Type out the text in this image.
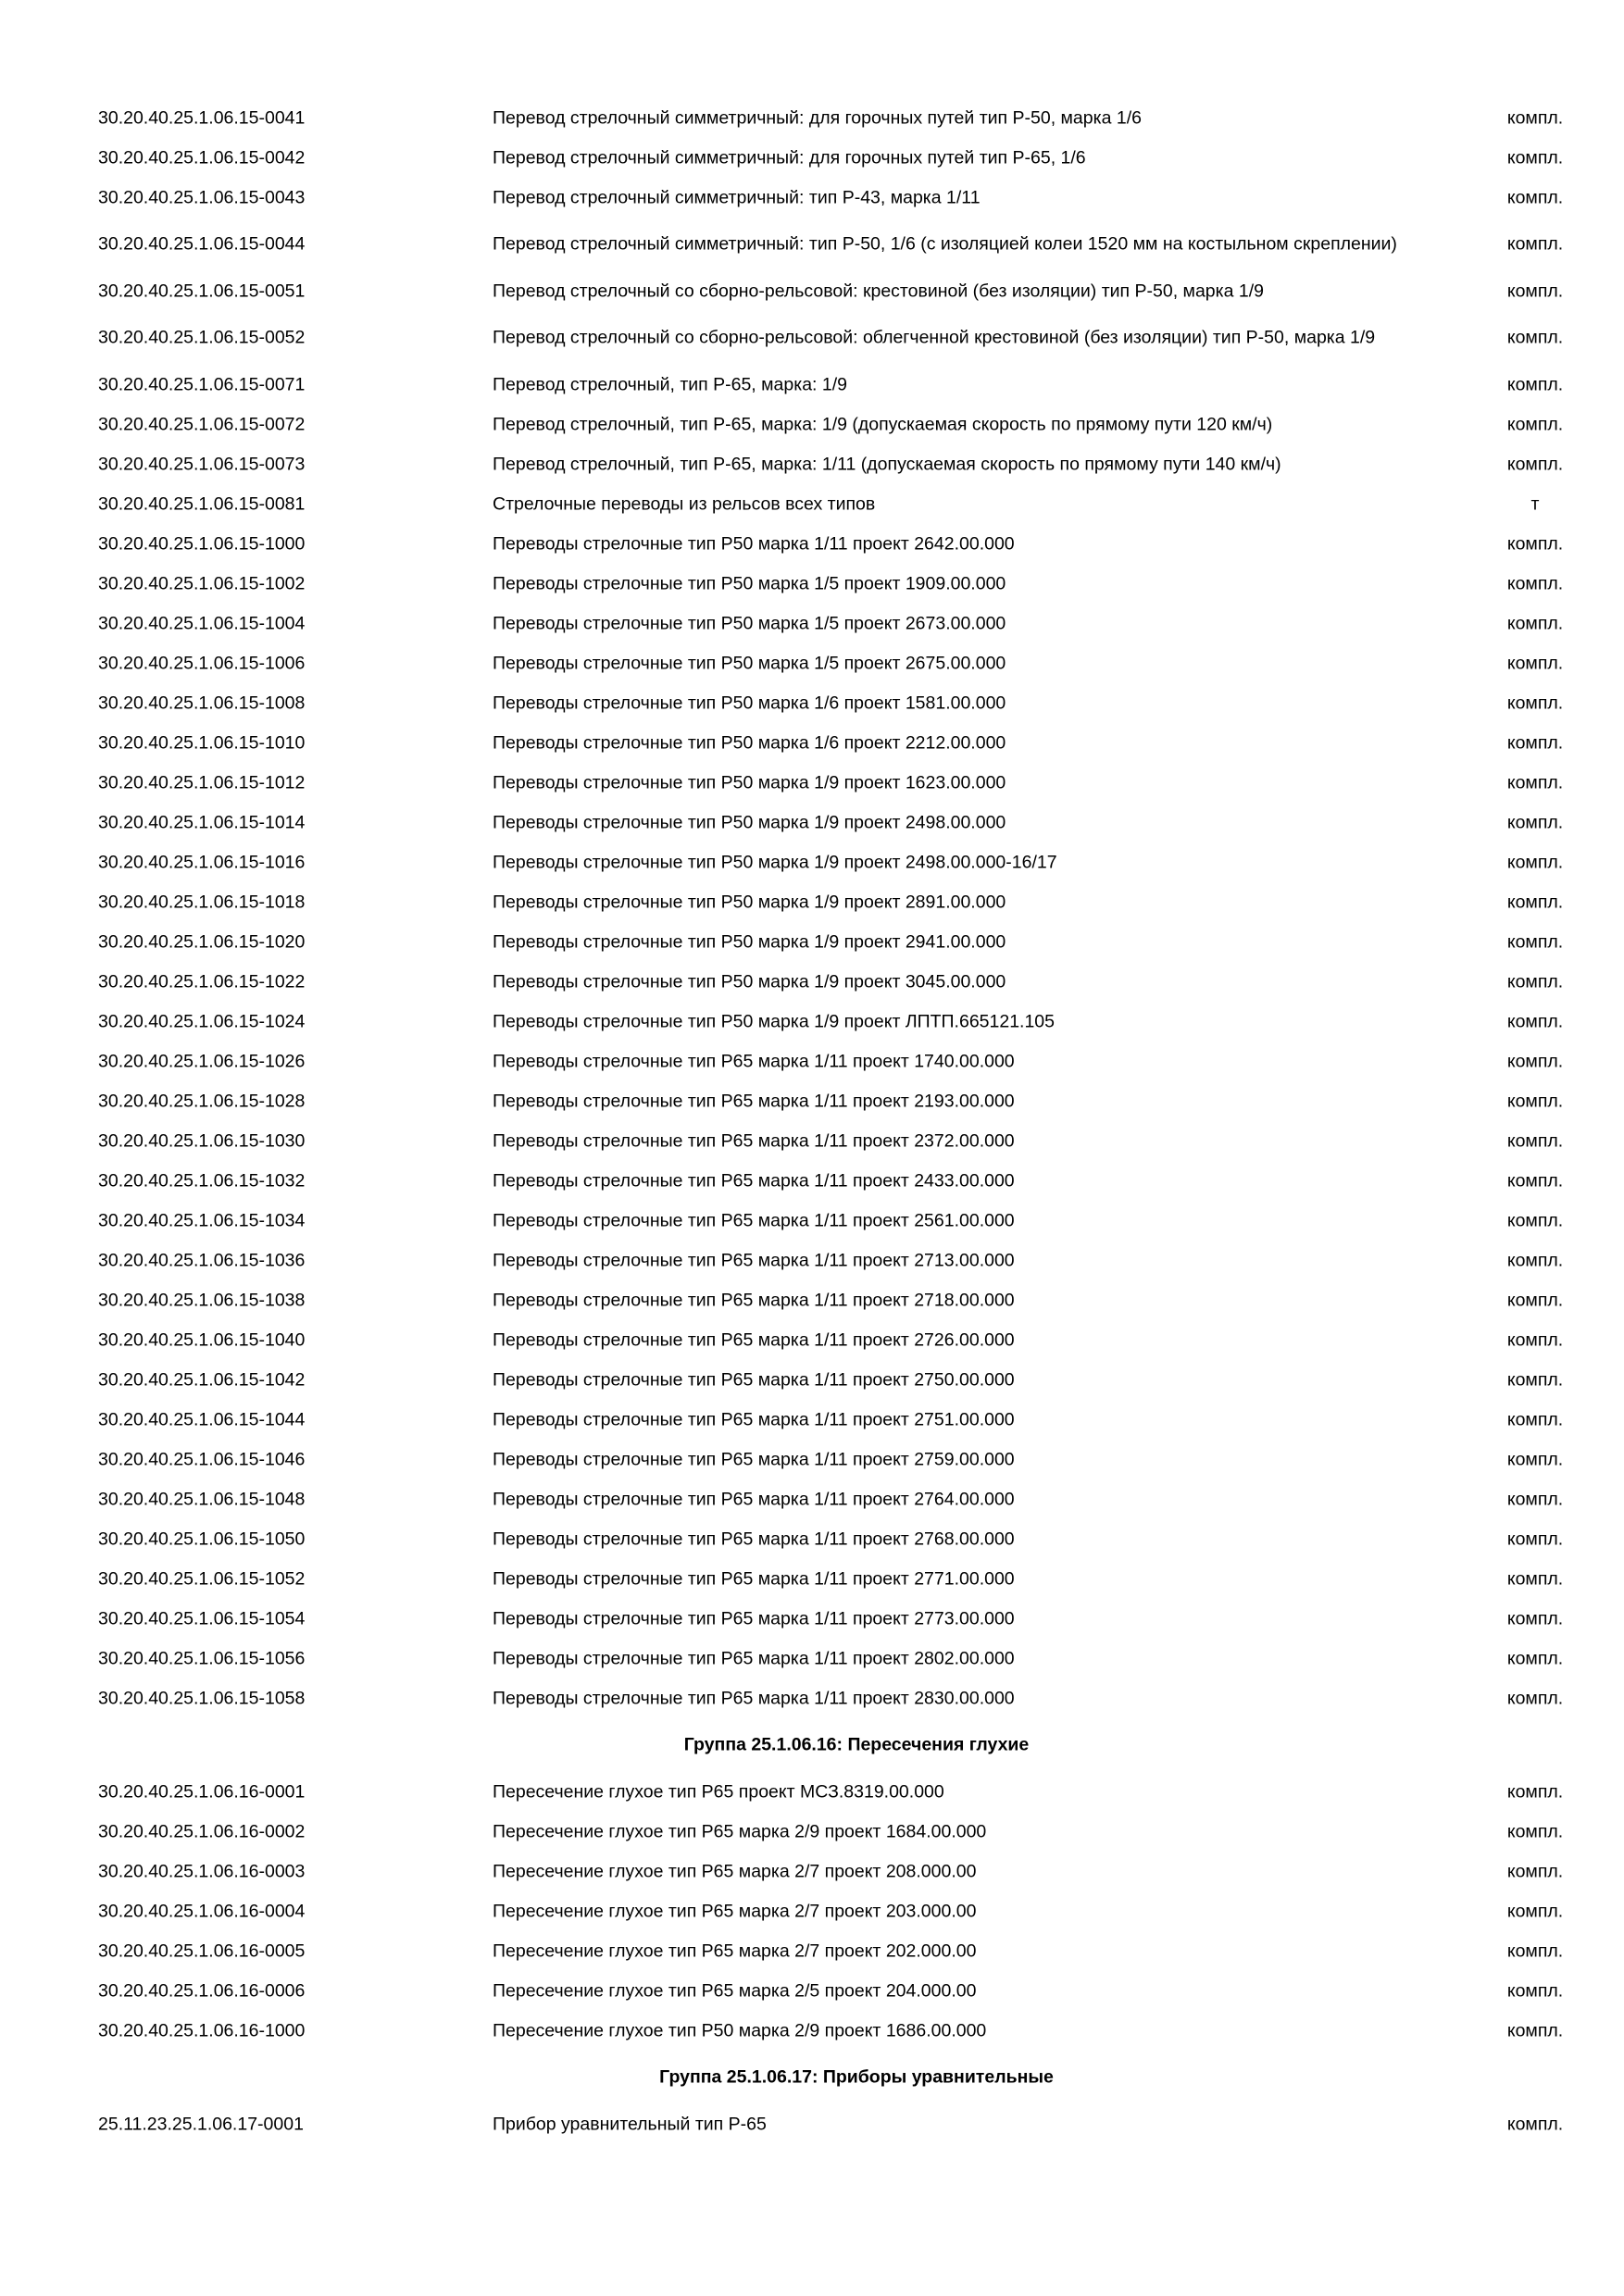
30.20.40.25.1.06.15-0041	Перевод стрелочный симметричный: для горочных путей тип Р-50, марка 1/6	компл.
30.20.40.25.1.06.15-0042	Перевод стрелочный симметричный: для горочных путей тип Р-65, 1/6	компл.
30.20.40.25.1.06.15-0043	Перевод стрелочный симметричный: тип Р-43, марка 1/11	компл.
30.20.40.25.1.06.15-0044	Перевод стрелочный симметричный: тип Р-50, 1/6 (с изоляцией колеи 1520 мм на костыльном скреплении)	компл.
30.20.40.25.1.06.15-0051	Перевод стрелочный со сборно-рельсовой: крестовиной (без изоляции) тип Р-50, марка 1/9	компл.
30.20.40.25.1.06.15-0052	Перевод стрелочный со сборно-рельсовой: облегченной крестовиной (без изоляции) тип Р-50, марка 1/9	компл.
30.20.40.25.1.06.15-0071	Перевод стрелочный, тип Р-65, марка: 1/9	компл.
30.20.40.25.1.06.15-0072	Перевод стрелочный, тип Р-65, марка: 1/9 (допускаемая скорость по прямому пути 120 км/ч)	компл.
30.20.40.25.1.06.15-0073	Перевод стрелочный, тип Р-65, марка: 1/11 (допускаемая скорость по прямому пути 140 км/ч)	компл.
30.20.40.25.1.06.15-0081	Стрелочные переводы из рельсов всех типов	т
30.20.40.25.1.06.15-1000	Переводы стрелочные тип Р50 марка 1/11 проект 2642.00.000	компл.
30.20.40.25.1.06.15-1002	Переводы стрелочные тип Р50 марка 1/5 проект 1909.00.000	компл.
30.20.40.25.1.06.15-1004	Переводы стрелочные тип Р50 марка 1/5 проект 2673.00.000	компл.
30.20.40.25.1.06.15-1006	Переводы стрелочные тип Р50 марка 1/5 проект 2675.00.000	компл.
30.20.40.25.1.06.15-1008	Переводы стрелочные тип Р50 марка 1/6 проект 1581.00.000	компл.
30.20.40.25.1.06.15-1010	Переводы стрелочные тип Р50 марка 1/6 проект 2212.00.000	компл.
30.20.40.25.1.06.15-1012	Переводы стрелочные тип Р50 марка 1/9 проект 1623.00.000	компл.
30.20.40.25.1.06.15-1014	Переводы стрелочные тип Р50 марка 1/9 проект 2498.00.000	компл.
30.20.40.25.1.06.15-1016	Переводы стрелочные тип Р50 марка 1/9 проект 2498.00.000-16/17	компл.
30.20.40.25.1.06.15-1018	Переводы стрелочные тип Р50 марка 1/9 проект 2891.00.000	компл.
30.20.40.25.1.06.15-1020	Переводы стрелочные тип Р50 марка 1/9 проект 2941.00.000	компл.
30.20.40.25.1.06.15-1022	Переводы стрелочные тип Р50 марка 1/9 проект 3045.00.000	компл.
30.20.40.25.1.06.15-1024	Переводы стрелочные тип Р50 марка 1/9 проект ЛПТП.665121.105	компл.
30.20.40.25.1.06.15-1026	Переводы стрелочные тип Р65 марка 1/11 проект 1740.00.000	компл.
30.20.40.25.1.06.15-1028	Переводы стрелочные тип Р65 марка 1/11 проект 2193.00.000	компл.
30.20.40.25.1.06.15-1030	Переводы стрелочные тип Р65 марка 1/11 проект 2372.00.000	компл.
30.20.40.25.1.06.15-1032	Переводы стрелочные тип Р65 марка 1/11 проект 2433.00.000	компл.
30.20.40.25.1.06.15-1034	Переводы стрелочные тип Р65 марка 1/11 проект 2561.00.000	компл.
30.20.40.25.1.06.15-1036	Переводы стрелочные тип Р65 марка 1/11 проект 2713.00.000	компл.
30.20.40.25.1.06.15-1038	Переводы стрелочные тип Р65 марка 1/11 проект 2718.00.000	компл.
30.20.40.25.1.06.15-1040	Переводы стрелочные тип Р65 марка 1/11 проект 2726.00.000	компл.
30.20.40.25.1.06.15-1042	Переводы стрелочные тип Р65 марка 1/11 проект 2750.00.000	компл.
30.20.40.25.1.06.15-1044	Переводы стрелочные тип Р65 марка 1/11 проект 2751.00.000	компл.
30.20.40.25.1.06.15-1046	Переводы стрелочные тип Р65 марка 1/11 проект 2759.00.000	компл.
30.20.40.25.1.06.15-1048	Переводы стрелочные тип Р65 марка 1/11 проект 2764.00.000	компл.
30.20.40.25.1.06.15-1050	Переводы стрелочные тип Р65 марка 1/11 проект 2768.00.000	компл.
30.20.40.25.1.06.15-1052	Переводы стрелочные тип Р65 марка 1/11 проект 2771.00.000	компл.
30.20.40.25.1.06.15-1054	Переводы стрелочные тип Р65 марка 1/11 проект 2773.00.000	компл.
30.20.40.25.1.06.15-1056	Переводы стрелочные тип Р65 марка 1/11 проект 2802.00.000	компл.
30.20.40.25.1.06.15-1058	Переводы стрелочные тип Р65 марка 1/11 проект 2830.00.000	компл.
Группа 25.1.06.16: Пересечения глухие
30.20.40.25.1.06.16-0001	Пересечение глухое тип Р65 проект МСЗ.8319.00.000	компл.
30.20.40.25.1.06.16-0002	Пересечение глухое тип Р65 марка 2/9 проект 1684.00.000	компл.
30.20.40.25.1.06.16-0003	Пересечение глухое тип Р65 марка 2/7 проект 208.000.00	компл.
30.20.40.25.1.06.16-0004	Пересечение глухое тип Р65 марка 2/7 проект 203.000.00	компл.
30.20.40.25.1.06.16-0005	Пересечение глухое тип Р65 марка 2/7 проект 202.000.00	компл.
30.20.40.25.1.06.16-0006	Пересечение глухое тип Р65 марка 2/5 проект 204.000.00	компл.
30.20.40.25.1.06.16-1000	Пересечение глухое тип Р50 марка 2/9 проект 1686.00.000	компл.
Группа 25.1.06.17: Приборы уравнительные
25.11.23.25.1.06.17-0001	Прибор уравнительный тип Р-65	компл.
